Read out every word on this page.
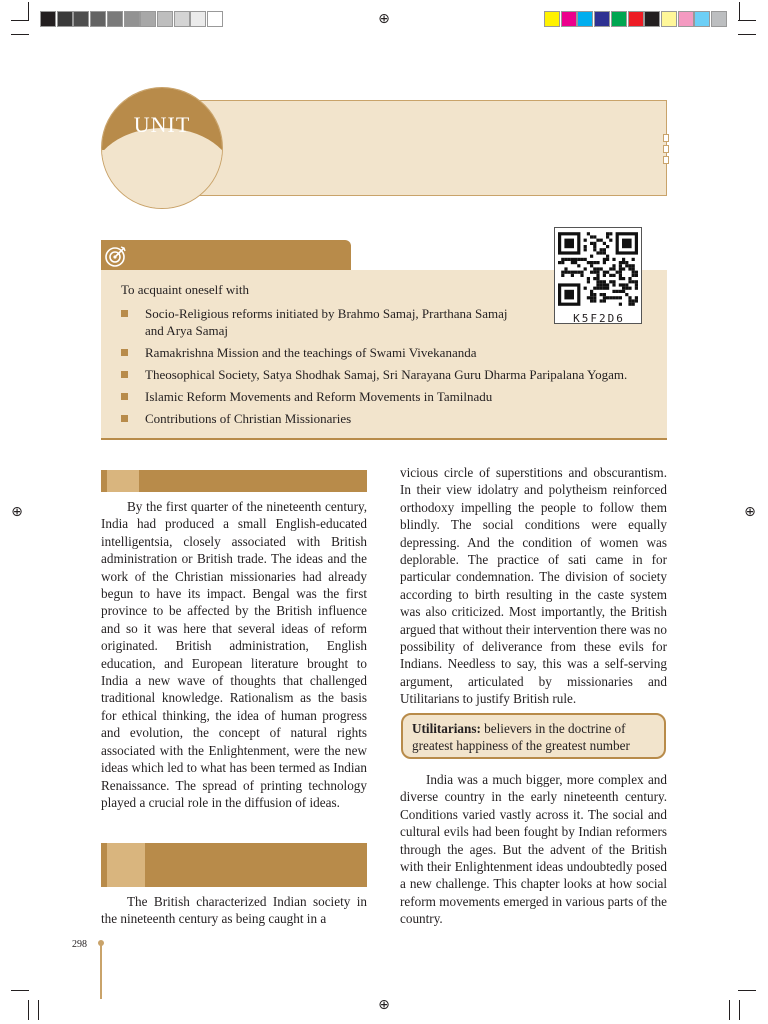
⊕
⊕	⊕
⊕
UNIT
To acquaint oneself with
Socio-Religious reforms initiated by Brahmo Samaj, Prarthana Samaj
and Arya Samaj
Ramakrishna Mission and the teachings of Swami Vivekananda
Theosophical Society, Satya Shodhak Samaj, Sri Narayana Guru Dharma Paripalana Yogam.
Islamic Reform Movements and Reform Movements in Tamilnadu
Contributions of Christian Missionaries
K5F2D6

By the first quarter of the nineteenth century, India had produced a small English-educated intelligentsia, closely associated with British administration or British trade. The ideas and the work of the Christian missionaries had already begun to have its impact. Bengal was the first province to be affected by the British influence and so it was here that several ideas of reform originated. British administration, English education, and European literature brought to India a new wave of thoughts that challenged traditional knowledge. Rationalism as the basis for ethical thinking, the idea of human progress and evolution, the concept of natural rights associated with the Enlightenment, were the new ideas which led to what has been termed as Indian Renaissance. The spread of printing technology played a crucial role in the diffusion of ideas.

The British characterized Indian society in the nineteenth century as being caught in a

vicious circle of superstitions and obscurantism. In their view idolatry and polytheism reinforced orthodoxy impelling the people to follow them blindly. The social conditions were equally depressing. And the condition of women was deplorable. The practice of sati came in for particular condemnation. The division of society according to birth resulting in the caste system was also criticized. Most importantly, the British argued that without their intervention there was no possibility of deliverance from these evils for Indians. Needless to say, this was a self-serving argument, articulated by missionaries and Utilitarians to justify British rule.

Utilitarians: believers in the doctrine of greatest happiness of the greatest number

India was a much bigger, more complex and diverse country in the early nineteenth century. Conditions varied vastly across it. The social and cultural evils had been fought by Indian reformers through the ages. But the advent of the British with their Enlightenment ideas undoubtedly posed a new challenge. This chapter looks at how social reform movements emerged in various parts of the country.

298
